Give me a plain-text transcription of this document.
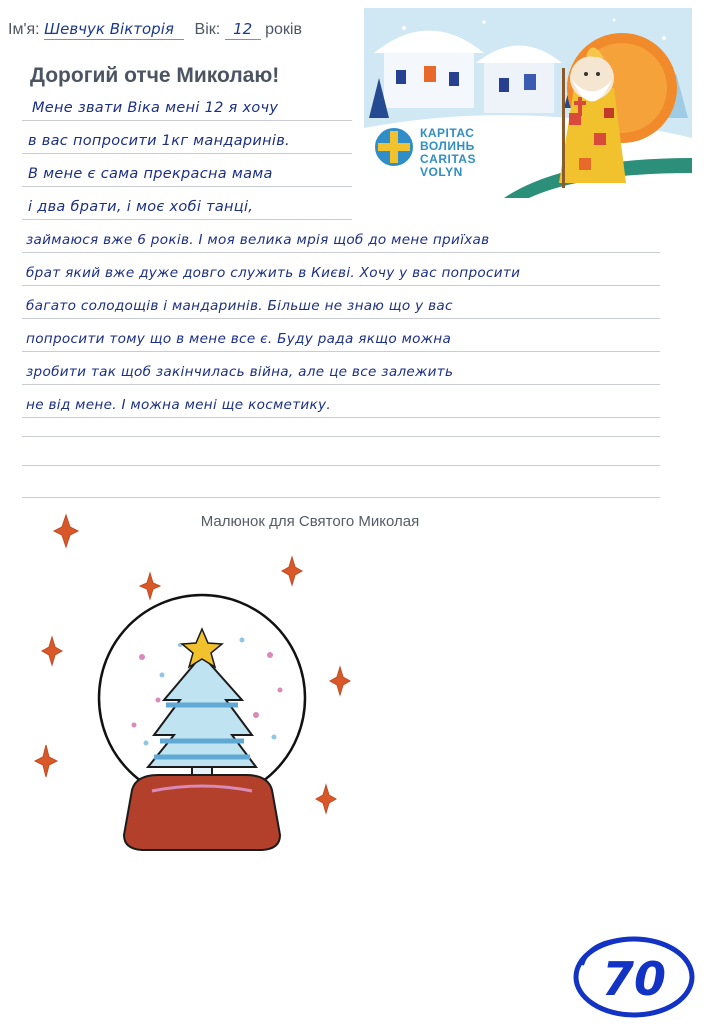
Ім'я: Шевчук Вікторія Вік: 12 років
Дорогий отче Миколаю!
Мене звати Віка мені 12 я хочу
в вас попросити 1кг мандаринів.
В мене є сама прекрасна мама
і два брати, і моє хобі танці,
займаюся вже 6 років. І моя велика мрія щоб до мене приїхав
брат який вже дуже довго служить в Києві. Хочу у вас попросити
багато солодощів і мандаринів. Більше не знаю що у вас
попросити тому що в мене все є. Буду рада якщо можна
зробити так щоб закінчилась війна, але це все залежить
не від мене. І можна мені ще косметику.
КАРІТАС
ВОЛИНЬ
CARITAS
VOLYN
Малюнок для Святого Миколая
70
